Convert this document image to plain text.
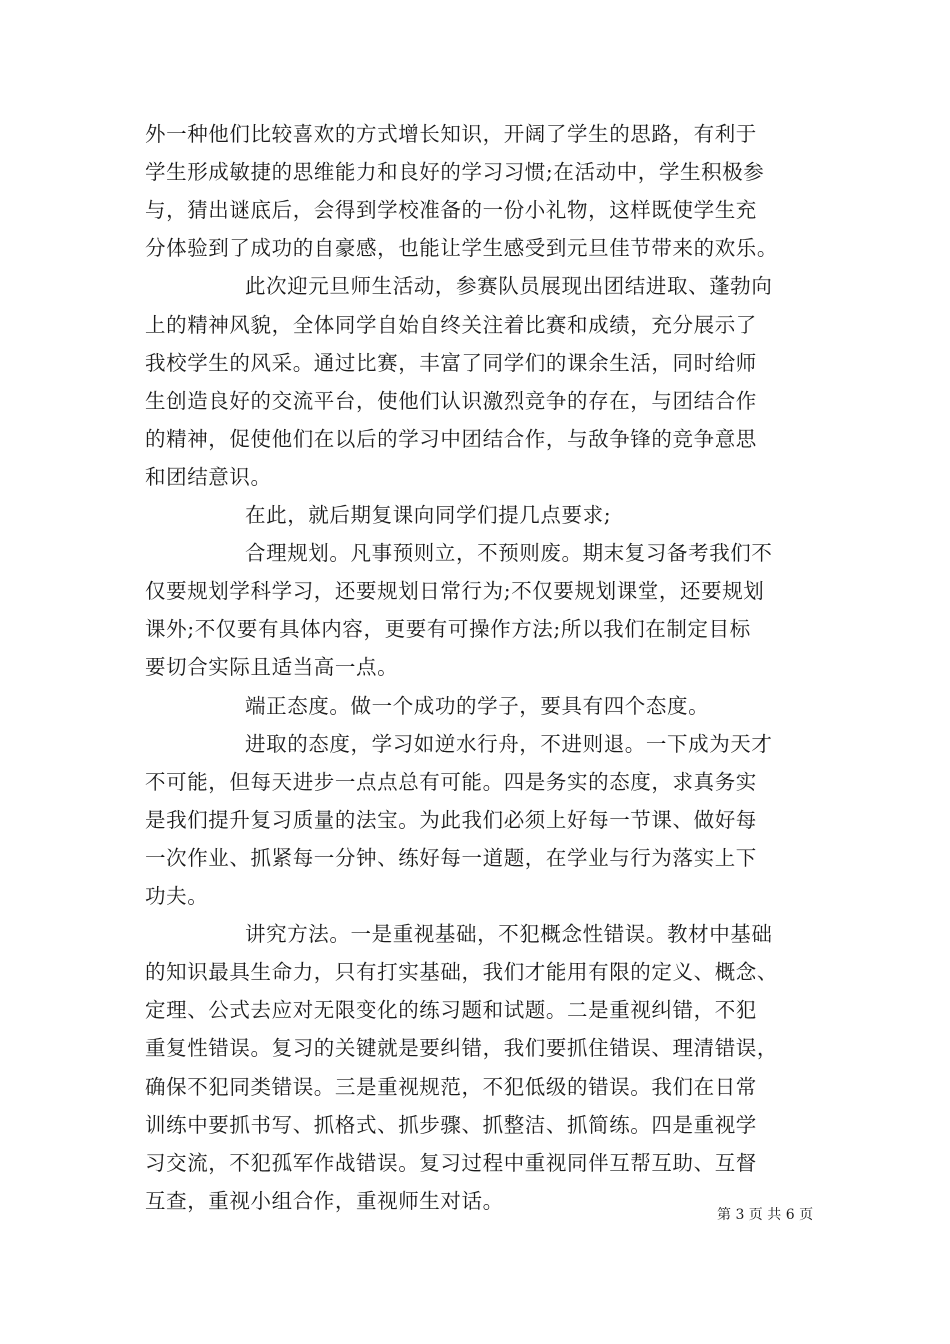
外一种他们比较喜欢的方式增长知识，开阔了学生的思路，有利于
学生形成敏捷的思维能力和良好的学习习惯;在活动中，学生积极参
与，猜出谜底后，会得到学校准备的一份小礼物，这样既使学生充
分体验到了成功的自豪感，也能让学生感受到元旦佳节带来的欢乐。
此次迎元旦师生活动，参赛队员展现出团结进取、蓬勃向
上的精神风貌，全体同学自始自终关注着比赛和成绩，充分展示了
我校学生的风采。通过比赛，丰富了同学们的课余生活，同时给师
生创造良好的交流平台，使他们认识激烈竞争的存在，与团结合作
的精神，促使他们在以后的学习中团结合作，与敌争锋的竞争意思
和团结意识。
在此，就后期复课向同学们提几点要求;
合理规划。凡事预则立，不预则废。期末复习备考我们不
仅要规划学科学习，还要规划日常行为;不仅要规划课堂，还要规划
课外;不仅要有具体内容，更要有可操作方法;所以我们在制定目标
要切合实际且适当高一点。
端正态度。做一个成功的学子，要具有四个态度。
进取的态度，学习如逆水行舟，不进则退。一下成为天才
不可能，但每天进步一点点总有可能。四是务实的态度，求真务实
是我们提升复习质量的法宝。为此我们必须上好每一节课、做好每
一次作业、抓紧每一分钟、练好每一道题，在学业与行为落实上下
功夫。
讲究方法。一是重视基础，不犯概念性错误。教材中基础
的知识最具生命力，只有打实基础，我们才能用有限的定义、概念、
定理、公式去应对无限变化的练习题和试题。二是重视纠错，不犯
重复性错误。复习的关键就是要纠错，我们要抓住错误、理清错误，
确保不犯同类错误。三是重视规范，不犯低级的错误。我们在日常
训练中要抓书写、抓格式、抓步骤、抓整洁、抓简练。四是重视学
习交流，不犯孤军作战错误。复习过程中重视同伴互帮互助、互督
互查，重视小组合作，重视师生对话。
第 3 页 共 6 页
